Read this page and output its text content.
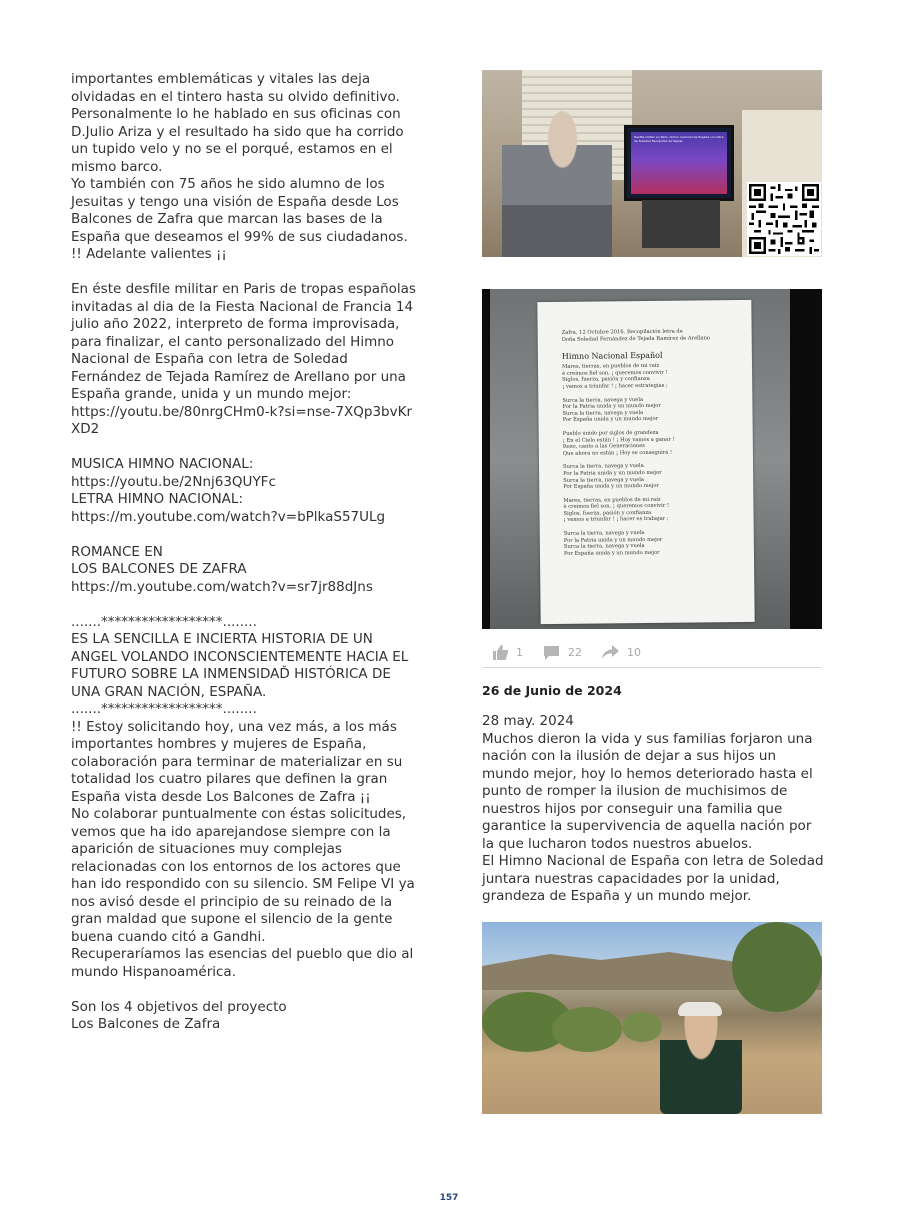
importantes emblemáticas y vitales las deja olvidadas en el tintero hasta su olvido definitivo.
Personalmente lo he hablado en sus oficinas con D.Julio Ariza y el resultado ha sido que ha corrido un tupido velo y no se el porqué, estamos en el mismo barco.
Yo también con 75 años he sido alumno de los Jesuitas y tengo una visión de España desde Los Balcones de Zafra que marcan las bases de la España que deseamos el 99% de sus ciudadanos.
!! Adelante valientes ¡¡

En éste desfile militar en Paris de tropas españolas invitadas al dia de la Fiesta Nacional de Francia 14 julio año 2022, interpreto de forma improvisada, para finalizar, el canto personalizado del Himno Nacional de España con letra de Soledad Fernández de Tejada Ramírez de Arellano por una España grande, unida y un mundo mejor:
https://youtu.be/80nrgCHm0-k?si=nse-7XQp3bvKr
XD2

MUSICA HIMNO NACIONAL:
https://youtu.be/2Nnj63QUYFc
LETRA HIMNO NACIONAL:
https://m.youtube.com/watch?v=bPlkaS57ULg

ROMANCE EN
LOS BALCONES DE ZAFRA
https://m.youtube.com/watch?v=sr7jr88dJns

.......******************........
ES LA SENCILLA E INCIERTA HISTORIA DE UN ANGEL VOLANDO INCONSCIENTEMENTE HACIA EL FUTURO SOBRE LA INMENSIDAĎ HISTÓRICA DE UNA GRAN NACIÓN, ESPAÑA.
.......******************........
!! Estoy solicitando hoy, una vez más, a los más importantes hombres y mujeres de España, colaboración para terminar de materializar en su totalidad los cuatro pilares que definen la gran España vista desde Los Balcones de Zafra ¡¡
No colaborar puntualmente con éstas solicitudes, vemos que ha ido aparejandose siempre con la aparición de situaciones muy complejas relacionadas con los entornos de los actores que han ido respondido con su silencio. SM Felipe VI ya nos avisó desde el principio de su reinado de la gran maldad que supone el silencio de la gente buena cuando citó a Gandhi.
Recuperaríamos las esencias del pueblo que dio al mundo Hispanoamérica.

Son los 4 objetivos del proyecto
Los Balcones de Zafra

Desfile militar en Paris, himno nacional de España con letra de Soledad Fernández de Tejada
Zafra, 12 Octubre 2016. Recopilación letra de
Doña Soledad Fernández de Tejada Ramírez de Arellano
Himno Nacional Español
Mares, tierras, en pueblos de mi raíz
è creímos fiel son, ¡ queremos convivir !
Siglos, fuerza, pasión y confianza
¡ vamos a triunfar ! ¡ hacer estrategias ;
Surca la tierra, navega y vuela
Por la Patria unida y un mundo mejor
Surca la tierra, navega y vuela
Por España unida y un mundo mejor
Pueblo unido por siglos de grandeza
¡ En el Cielo están ! ¡ Hoy vamos a ganar !
Rezo, canto a las Generaciones
Que ahora no están ¡ Hoy se conseguirá !
Surca la tierra, navega y vuela
Por la Patria unida y un mundo mejor
Surca la tierra, navega y vuela
Por España unida y un mundo mejor
Mares, tierras, en pueblos de mi raíz
è creímos fiel son, ¡ queremos convivir !
Siglos, fuerza, pasión y confianza
¡ vamos a triunfar ! ¡ hacer es trabajar ;
Surca la tierra, navega y vuela
Por la Patria unida y un mundo mejor
Surca la tierra, navega y vuela
Por España unida y un mundo mejor
1	22	10
26 de Junio de 2024

28 may. 2024

Muchos dieron la vida y sus familias forjaron una nación con la ilusión de dejar a sus hijos un mundo mejor, hoy lo hemos deteriorado hasta el punto de romper la ilusion de muchisimos de nuestros hijos por conseguir una familia que garantice la supervivencia de aquella nación por la que lucharon todos nuestros abuelos.
El Himno Nacional de España con letra de Soledad juntara nuestras capacidades por la unidad, grandeza de España y un mundo mejor.

157
